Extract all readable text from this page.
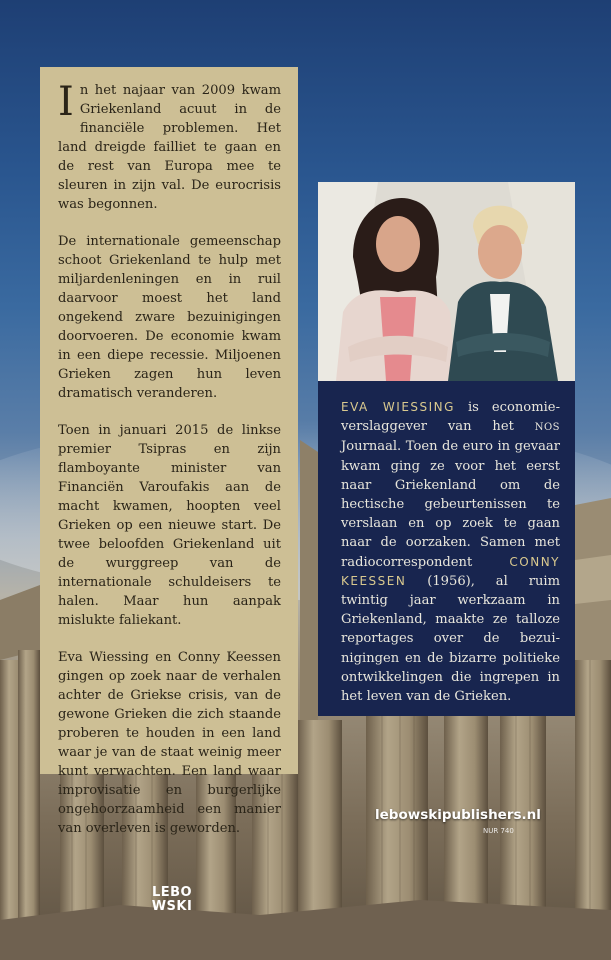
In het najaar van 2009 kwam Griekenland acuut in de financiële problemen. Het land dreigde failliet te gaan en de rest van Europa mee te sleuren in zijn val. De eurocrisis was begonnen.

De internationale gemeenschap schoot Griekenland te hulp met miljardenleningen en in ruil daarvoor moest het land ongekend zware bezuinigingen doorvoeren. De economie kwam in een diepe recessie. Miljoenen Grieken zagen hun leven dramatisch veranderen.

Toen in januari 2015 de linkse premier Tsipras en zijn flamboyante minister van Financiën Varoufakis aan de macht kwamen, hoopten veel Grieken op een nieuwe start. De twee beloofden Griekenland uit de wurggreep van de internationale schuldeisers te halen. Maar hun aanpak mislukte faliekant.

Eva Wiessing en Conny Keessen gingen op zoek naar de verhalen achter de Griekse crisis, van de gewone Grieken die zich staande proberen te houden in een land waar je van de staat weinig meer kunt verwachten. Een land waar improvisatie en burgerlijke ongehoorzaamheid een manier van overleven is geworden.

EVA WIESSING is economieverslaggever van het NOS Journaal. Toen de euro in gevaar kwam ging ze voor het eerst naar Griekenland om de hectische gebeurtenissen te verslaan en op zoek te gaan naar de oorzaken. Samen met radiocorrespondent CONNY KEESSEN (1956), al ruim twintig jaar werkzaam in Griekenland, maakte ze talloze reportages over de bezuinigingen en de bizarre politieke ontwikkelingen die ingrepen in het leven van de Grieken.

lebowskipublishers.nl
NUR 740
LEBO
WSKI
